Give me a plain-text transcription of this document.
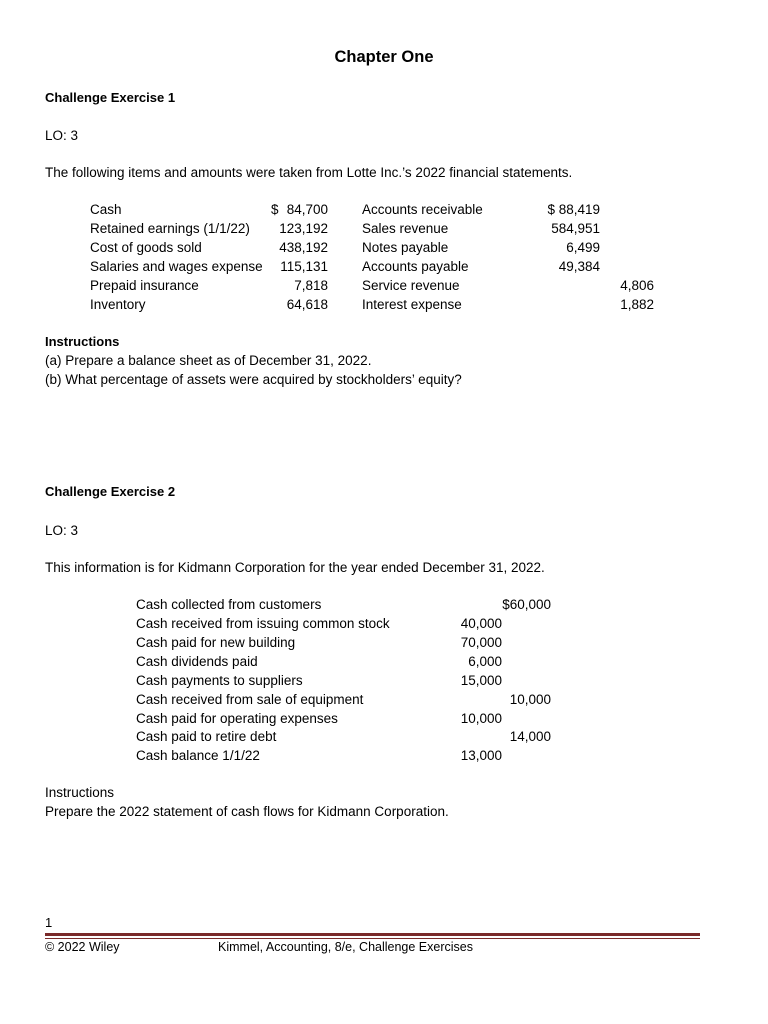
Chapter One
Challenge Exercise 1
LO: 3
The following items and amounts were taken from Lotte Inc.’s 2022 financial statements.
Cash	$ 84,700	Accounts receivable	$ 88,419
Retained earnings (1/1/22) 123,192	Sales revenue	584,951
Cost of goods sold	438,192	Notes payable	6,499
Salaries and wages expense 115,131	Accounts payable	49,384
Prepaid insurance	7,818	Service revenue	4,806
Inventory	64,618	Interest expense	1,882
Instructions
(a) Prepare a balance sheet as of December 31, 2022.
(b) What percentage of assets were acquired by stockholders’ equity?
Challenge Exercise 2
LO: 3
This information is for Kidmann Corporation for the year ended December 31, 2022.
Cash collected from customers	$60,000
Cash received from issuing common stock	40,000
Cash paid for new building	70,000
Cash dividends paid	6,000
Cash payments to suppliers	15,000
Cash received from sale of equipment	10,000
Cash paid for operating expenses	10,000
Cash paid to retire debt	14,000
Cash balance 1/1/22	13,000
Instructions
Prepare the 2022 statement of cash flows for Kidmann Corporation.
1
© 2022 Wiley	Kimmel, Accounting, 8/e, Challenge Exercises
